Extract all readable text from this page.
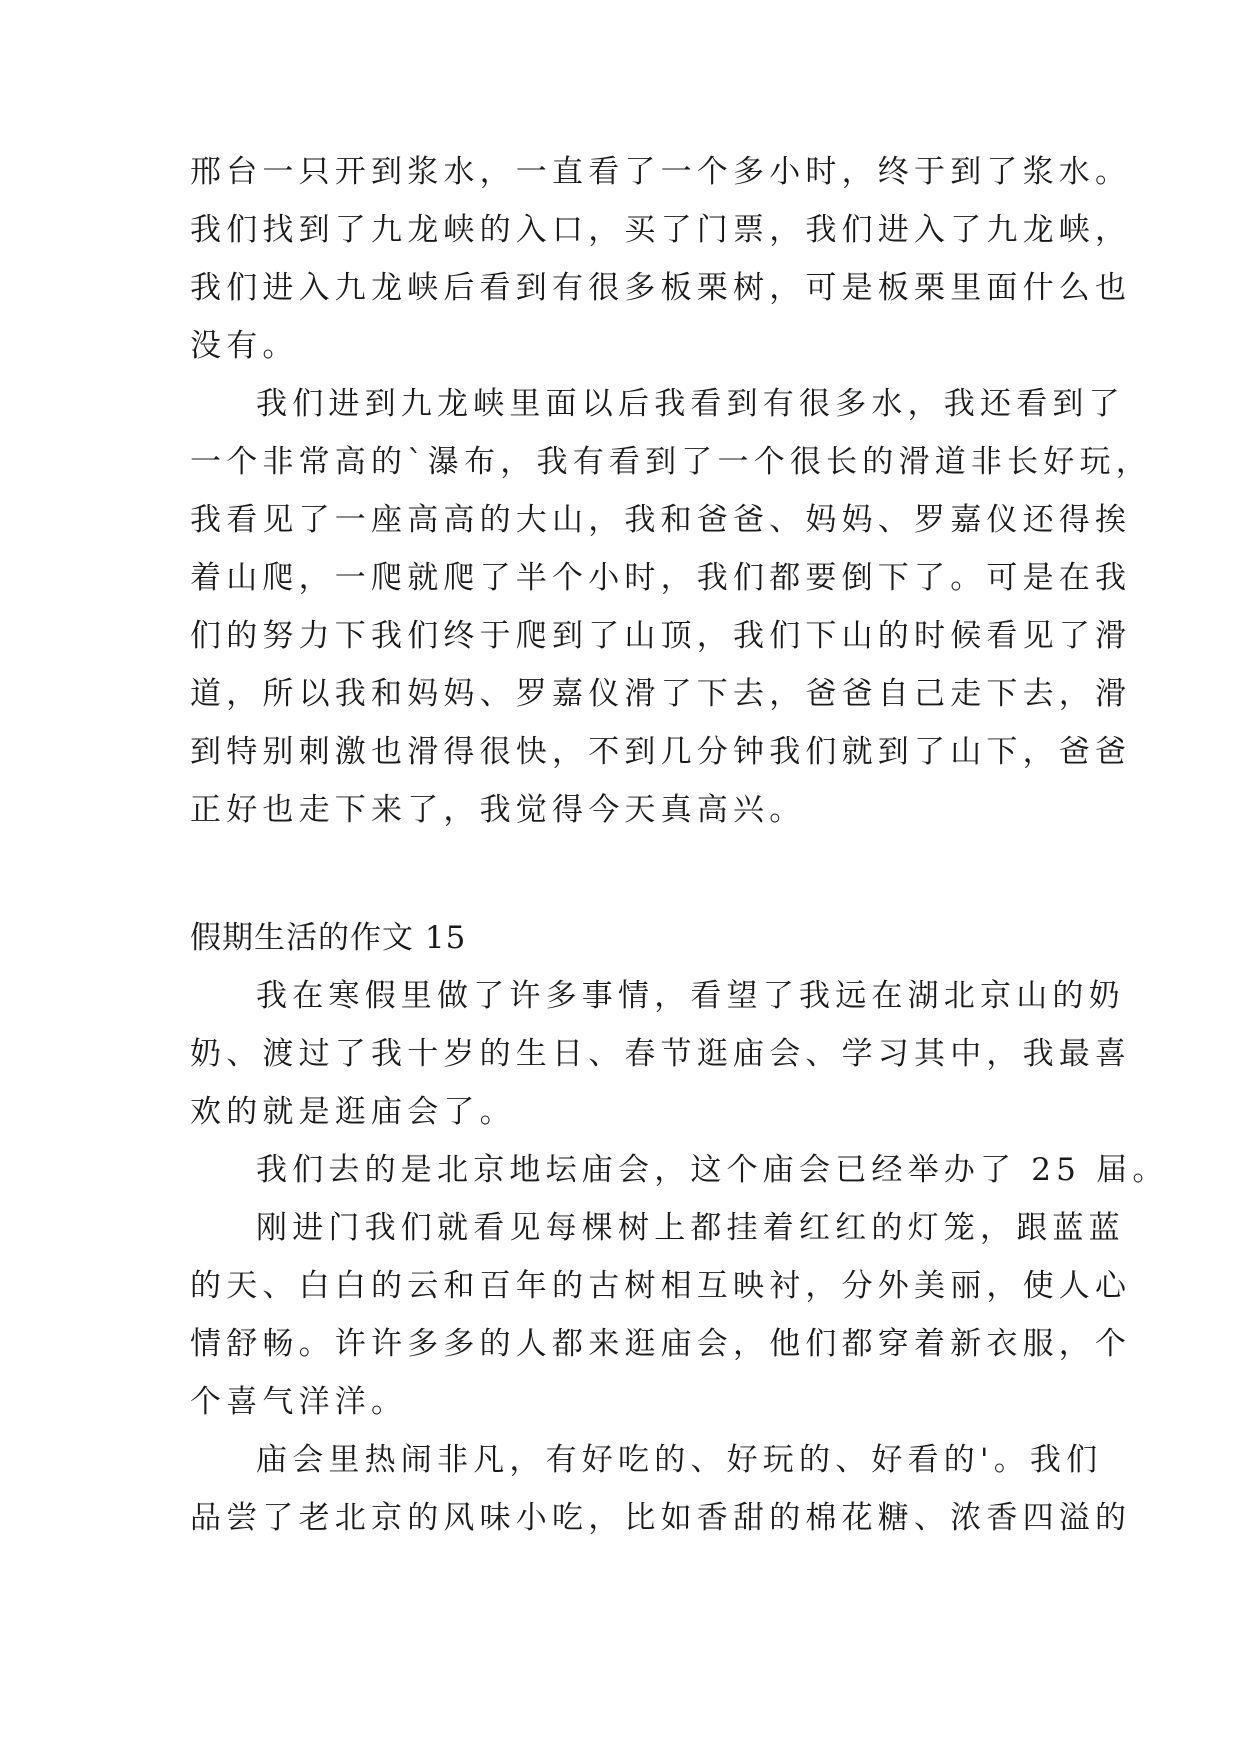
邢台一只开到浆水，一直看了一个多小时，终于到了浆水。

我们找到了九龙峡的入口，买了门票，我们进入了九龙峡，

我们进入九龙峡后看到有很多板栗树，可是板栗里面什么也

没有。

我们进到九龙峡里面以后我看到有很多水，我还看到了

一个非常高的`瀑布，我有看到了一个很长的滑道非长好玩，

我看见了一座高高的大山，我和爸爸、妈妈、罗嘉仪还得挨

着山爬，一爬就爬了半个小时，我们都要倒下了。可是在我

们的努力下我们终于爬到了山顶，我们下山的时候看见了滑

道，所以我和妈妈、罗嘉仪滑了下去，爸爸自己走下去，滑

到特别刺激也滑得很快，不到几分钟我们就到了山下，爸爸

正好也走下来了，我觉得今天真高兴。

假期生活的作文 15

我在寒假里做了许多事情，看望了我远在湖北京山的奶

奶、渡过了我十岁的生日、春节逛庙会、学习其中，我最喜

欢的就是逛庙会了。

我们去的是北京地坛庙会，这个庙会已经举办了 25 届。

刚进门我们就看见每棵树上都挂着红红的灯笼，跟蓝蓝

的天、白白的云和百年的古树相互映衬，分外美丽，使人心

情舒畅。许许多多的人都来逛庙会，他们都穿着新衣服，个

个喜气洋洋。

庙会里热闹非凡，有好吃的、好玩的、好看的'。我们

品尝了老北京的风味小吃，比如香甜的棉花糖、浓香四溢的
